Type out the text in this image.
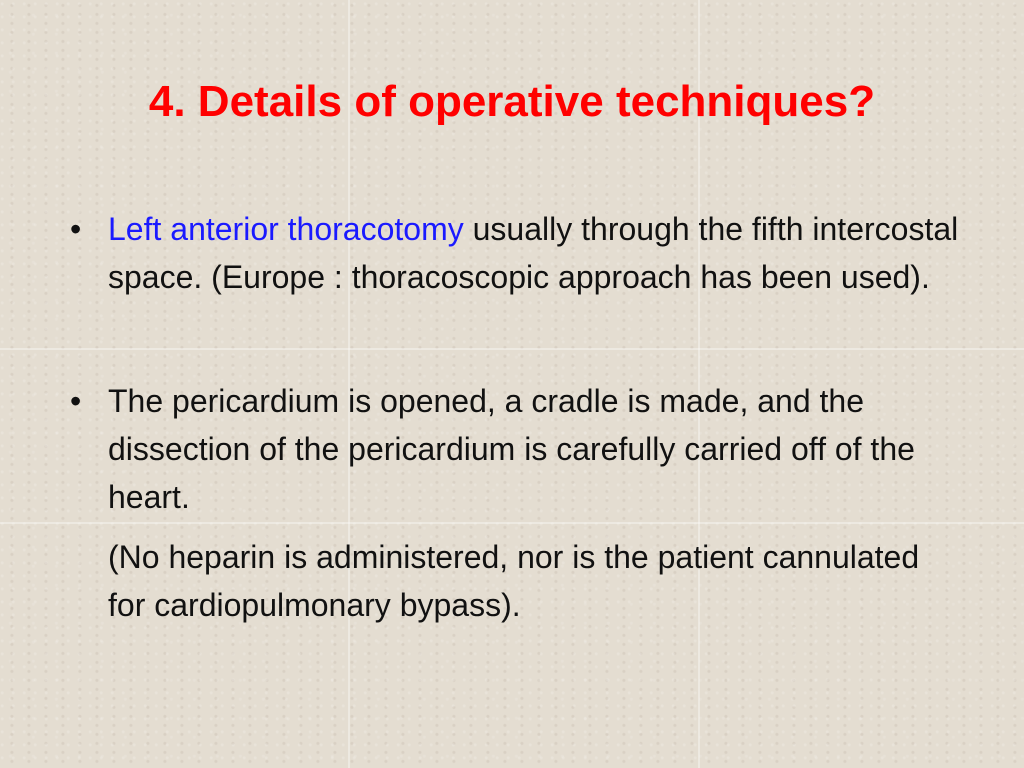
4. Details of operative techniques?
• Left anterior thoracotomy usually through the fifth intercostal space. (Europe : thoracoscopic approach has been used).
• The pericardium is opened, a cradle is made, and the dissection of the pericardium is carefully carried off of the heart.
(No heparin is administered, nor is the patient cannulated for cardiopulmonary bypass).
